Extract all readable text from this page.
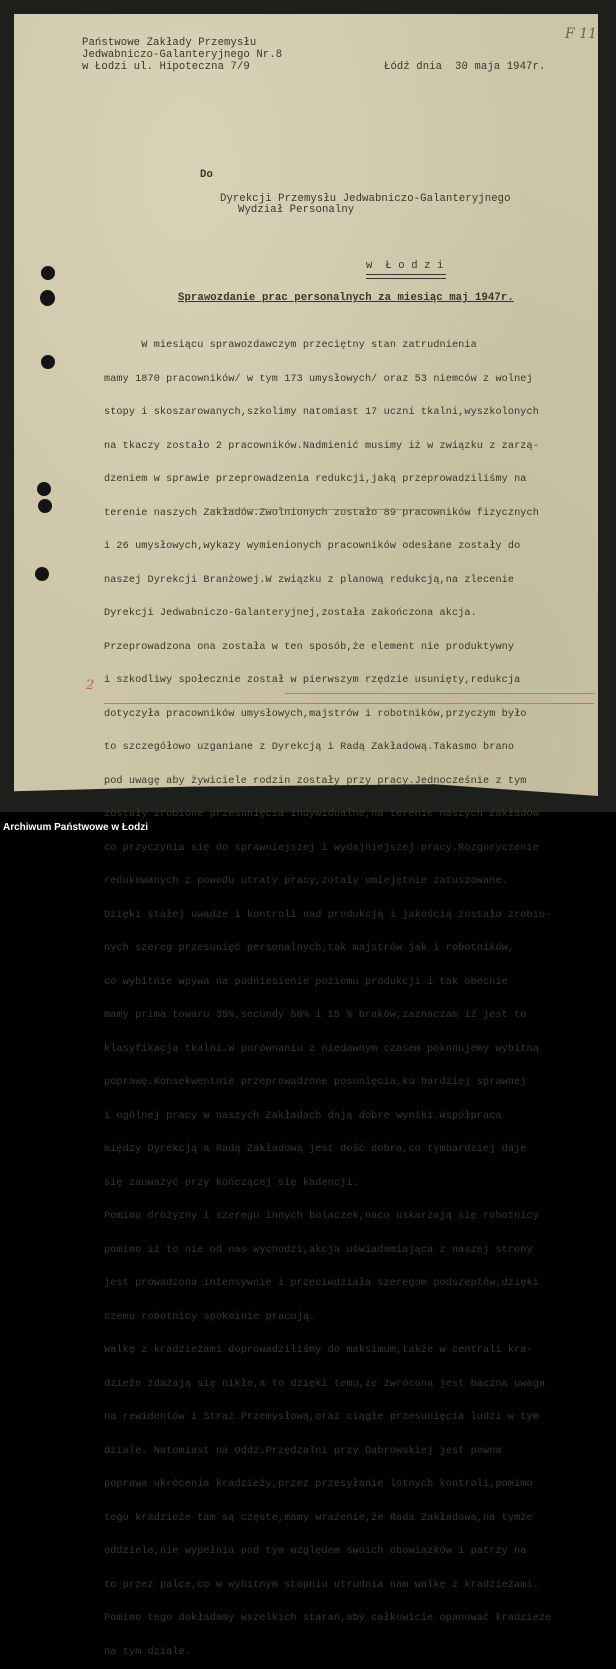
Państwowe Zakłady Przemysłu
Jedwabniczo-Galanteryjnego Nr.8
w Łodzi ul. Hipoteczna 7/9	Łódź dnia  30 maja 1947r.
F 11
Do
Dyrekcji Przemysłu Jedwabniczo-Galanteryjnego
Wydział Personalny
w  Ł o d z i
Sprawozdanie prac personalnych za miesiąc maj 1947r.

W miesiącu sprawozdawczym przeciętny stan zatrudnienia

mamy 1870 pracowników/ w tym 173 umysłowych/ oraz 53 niemców z wolnej

stopy i skoszarowanych,szkolimy natomiast 17 uczni tkalni,wyszkolonych

na tkaczy zostało 2 pracowników.Nadmienić musimy iż w związku z zarzą-

dzeniem w sprawie przeprowadzenia redukcji,jaką przeprowadziliśmy na

terenie naszych Zakładów.Zwolnionych zostało 89 pracowników fizycznych

i 26 umysłowych,wykazy wymienionych pracowników odesłane zostały do

naszej Dyrekcji Branżowej.W związku z planową redukcją,na zlecenie

Dyrekcji Jedwabniczo-Galanteryjnej,została zakończona akcja.

Przeprowadzona ona została w ten sposób,że element nie produktywny

i szkodliwy społecznie został w pierwszym rzędzie usunięty,redukcja

dotyczyła pracowników umysłowych,majstrów i robotników,przyczym było

to szczegółowo uzganiane z Dyrekcją i Radą Zakładową.Takasmo brano

pod uwagę aby żywiciele rodzin zostały przy pracy.Jednocześnie z tym

zostały zrobione przesunięcia indywidualne,na terenie naszych Zakładów

co przyczynia się do sprawniejszej i wydajniejszej pracy.Rozgoryczenie

redukowanych z powodu utraty pracy,zotały umiejętnie zatuszowane.

Dzięki stałej uwadze i kontroli nad produkcją i jakością zostało zrobio-

nych szereg przesunięć personalnych,tak majstrów jak i robotników,

co wybitnie wpywa na podniesienie poziomu produkcji i tak obecnie

mamy prima towaru 35%,secundy 50% i 15 % braków,zaznaczam iż jest to

klasyfikacja tkalni.W porównaniu z niedawnym czasem pokonujemy wybitną

poprawę.Konsekwentnie przeprowadzone posunięcia,ku bardziej sprawnej

i ogólnej pracy w naszych Zakładach dają dobre wyniki.Współpraca

między Dyrekcją a Radą Zakładową jest dość dobra,co tymbardziej daje

się zauważyć przy kończącej się kadencji.

Pomimo drożyzny i szeregu innych bolaczek,naco uskarżają się robotnicy

pomimo iż to nie od nas wychodzi,akcja uświadamiająca z naszej strony

jest prowadzona intensywnie i przeciwdziała szeregom podszeptów,dzięki

czemu robotnicy spokoinie pracują.

Walkę z kradzieżami doprowadziliśmy do maksimum,także w centrali kra-

dzieże zdażają się nikłe,a to dzięki temu,że zwrócona jest baczna uwaga

na rewidentów i Straż Przemysłową,oraz ciągłe przesunięcia ludzi w tym

dziale. Natomiast na Oddz.Przędzalni przy Dąbrowskiej jest pewna

poprawa ukrócenia kradzieży,przez przesyłanie lotnych kontroli,pomimo

tego kradzieże tam są częste,mamy wrażenie,że Rada Zakładowa,na tymże

oddziele,nie wypełnia pod tym względem swoich obowiązków i patrzy na

to przez palce,co w wybitnym stopniu utrudnia nam walkę z kradzieżami.

Pomimo tego dokładamy wszelkich starań,aby całkowicie opanować kradzieże

na tym dziale.

2
Archiwum Państwowe w Łodzi
